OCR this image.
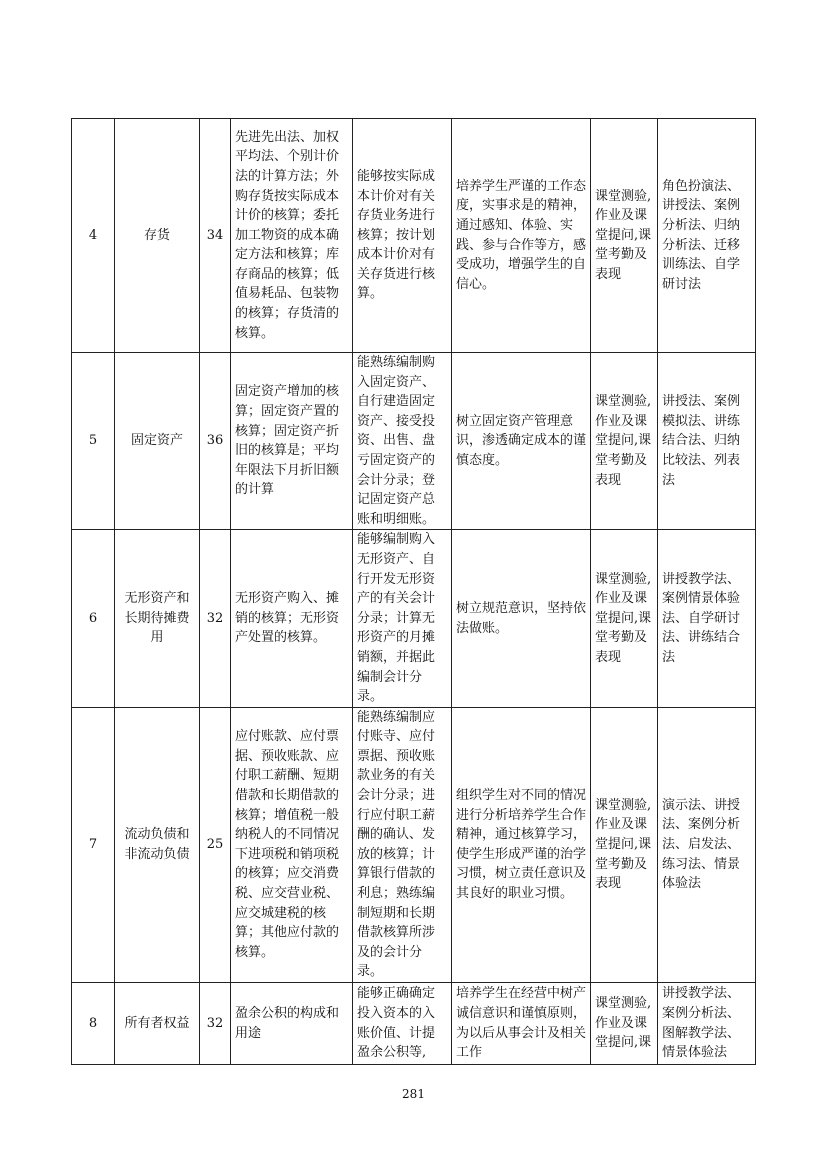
4	存货	34	先进先出法、加权平均法、个别计价法的计算方法；外购存货按实际成本计价的核算；委托加工物资的成本确定方法和核算；库存商品的核算；低值易耗品、包装物的核算；存货清的核算。	能够按实际成本计价对有关存货业务进行核算；按计划成本计价对有关存货进行核算。	培养学生严谨的工作态度，实事求是的精神，通过感知、体验、实践、参与合作等方，感受成功，增强学生的自信心。	课堂测验,作业及课堂提问,课堂考勤及表现	角色扮演法、讲授法、案例分析法、归纳分析法、迁移训练法、自学研讨法
5	固定资产	36	固定资产增加的核算；固定资产置的核算；固定资产折旧的核算是；平均年限法下月折旧额的计算	能熟练编制购入固定资产、自行建造固定资产、接受投资、出售、盘亏固定资产的会计分录；登记固定资产总账和明细账。	树立固定资产管理意识，渗透确定成本的谨慎态度。	课堂测验,作业及课堂提问,课堂考勤及表现	讲授法、案例模拟法、讲练结合法、归纳比较法、列表法
6	无形资产和长期待摊费用	32	无形资产购入、摊销的核算；无形资产处置的核算。	能够编制购入无形资产、自行开发无形资产的有关会计分录；计算无形资产的月摊销额，并据此编制会计分录。	树立规范意识，坚持依法做账。	课堂测验,作业及课堂提问,课堂考勤及表现	讲授教学法、案例情景体验法、自学研讨法、讲练结合法
7	流动负债和非流动负债	25	应付账款、应付票据、预收账款、应付职工薪酬、短期借款和长期借款的核算；增值税一般纳税人的不同情况下进项税和销项税的核算；应交消费税、应交营业税、应交城建税的核算；其他应付款的核算。	能熟练编制应付账寺、应付票据、预收账款业务的有关会计分录；进行应付职工薪酬的确认、发放的核算；计算银行借款的利息；熟练编制短期和长期借款核算所涉及的会计分录。	组织学生对不同的情况进行分析培养学生合作精神，通过核算学习，使学生形成严谨的治学习惯，树立责任意识及其良好的职业习惯。	课堂测验,作业及课堂提问,课堂考勤及表现	演示法、讲授法、案例分析法、启发法、练习法、情景体验法
8	所有者权益	32	盈余公积的构成和用途	能够正确确定投入资本的入账价值、计提盈余公积等,	培养学生在经营中树产诚信意识和谨慎原则，为以后从事会计及相关工作	课堂测验,作业及课堂提问,课	讲授教学法、案例分析法、图解教学法、情景体验法
281
